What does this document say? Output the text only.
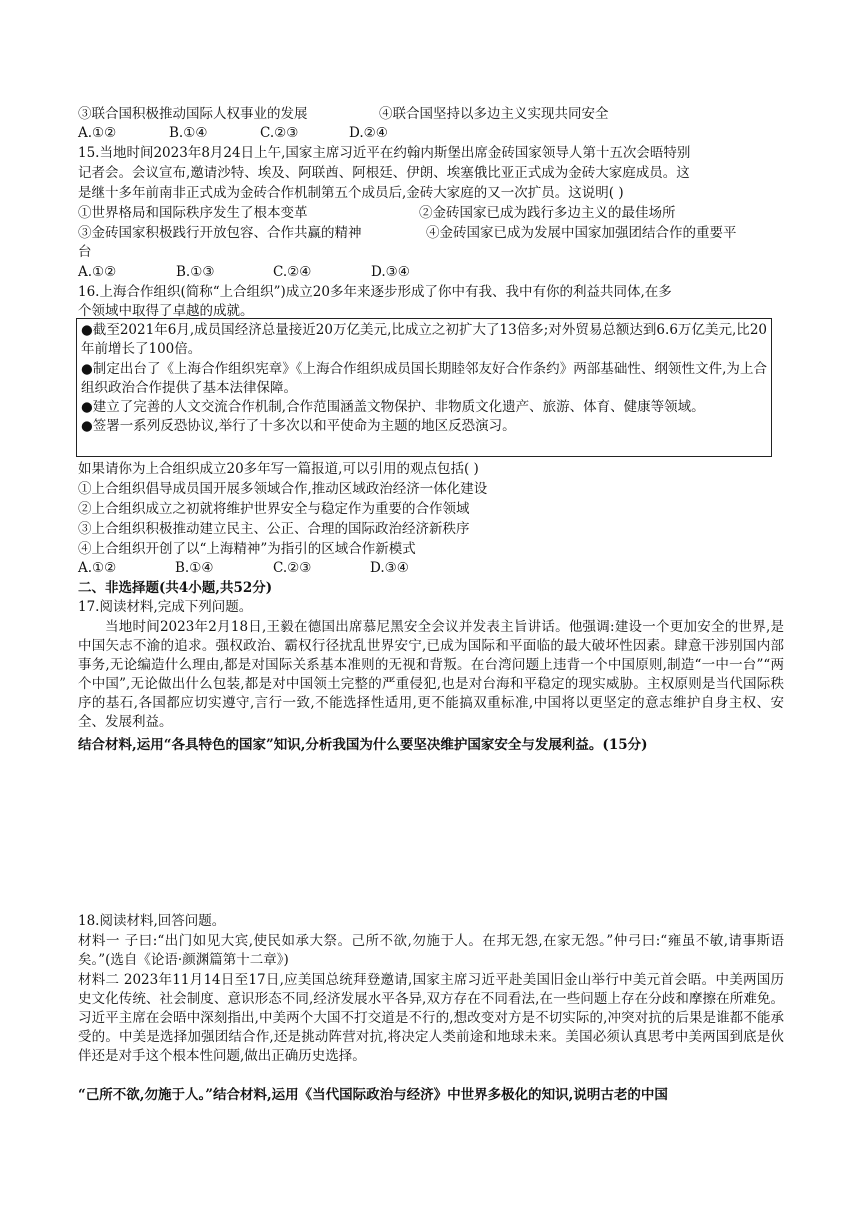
③联合国积极推动国际人权事业的发展	④联合国坚持以多边主义实现共同安全
A.①②	B.①④	C.②③	D.②④
15.当地时间2023年8月24日上午,国家主席习近平在约翰内斯堡出席金砖国家领导人第十五次会晤特别
记者会。会议宣布,邀请沙特、埃及、阿联酋、阿根廷、伊朗、埃塞俄比亚正式成为金砖大家庭成员。这
是继十多年前南非正式成为金砖合作机制第五个成员后,金砖大家庭的又一次扩员。这说明( )
①世界格局和国际秩序发生了根本变革	②金砖国家已成为践行多边主义的最佳场所
③金砖国家积极践行开放包容、合作共赢的精神	④金砖国家已成为发展中国家加强团结合作的重要平
台
A.①②	B.①③	C.②④	D.③④
16.上海合作组织(简称“上合组织”)成立20多年来逐步形成了你中有我、我中有你的利益共同体,在多
个领域中取得了卓越的成就。

●截至2021年6月,成员国经济总量接近20万亿美元,比成立之初扩大了13倍多;对外贸易总额达到6.6万亿美元,比20年前增长了100倍。

●制定出台了《上海合作组织宪章》《上海合作组织成员国长期睦邻友好合作条约》两部基础性、纲领性文件,为上合组织政治合作提供了基本法律保障。

●建立了完善的人文交流合作机制,合作范围涵盖文物保护、非物质文化遗产、旅游、体育、健康等领域。

●签署一系列反恐协议,举行了十多次以和平使命为主题的地区反恐演习。

如果请你为上合组织成立20多年写一篇报道,可以引用的观点包括( )
①上合组织倡导成员国开展多领域合作,推动区域政治经济一体化建设
②上合组织成立之初就将维护世界安全与稳定作为重要的合作领域
③上合组织积极推动建立民主、公正、合理的国际政治经济新秩序
④上合组织开创了以“上海精神”为指引的区域合作新模式
A.①②	B.①④	C.②③	D.③④
二、非选择题(共4小题,共52分)
17.阅读材料,完成下列问题。
当地时间2023年2月18日,王毅在德国出席慕尼黑安全会议并发表主旨讲话。他强调:建设一个更加安全的世界,是中国矢志不渝的追求。强权政治、霸权行径扰乱世界安宁,已成为国际和平面临的最大破坏性因素。肆意干涉别国内部事务,无论编造什么理由,都是对国际关系基本准则的无视和背叛。在台湾问题上违背一个中国原则,制造“一中一台”“两个中国”,无论做出什么包装,都是对中国领土完整的严重侵犯,也是对台海和平稳定的现实威胁。主权原则是当代国际秩序的基石,各国都应切实遵守,言行一致,不能选择性适用,更不能搞双重标准,中国将以更坚定的意志维护自身主权、安全、发展利益。
结合材料,运用“各具特色的国家”知识,分析我国为什么要坚决维护国家安全与发展利益。(15分)
18.阅读材料,回答问题。
材料一 子曰:“出门如见大宾,使民如承大祭。己所不欲,勿施于人。在邦无怨,在家无怨。”仲弓曰:“雍虽不敏,请事斯语矣。”(选自《论语·颜渊篇第十二章》)
材料二 2023年11月14日至17日,应美国总统拜登邀请,国家主席习近平赴美国旧金山举行中美元首会晤。中美两国历史文化传统、社会制度、意识形态不同,经济发展水平各异,双方存在不同看法,在一些问题上存在分歧和摩擦在所难免。习近平主席在会晤中深刻指出,中美两个大国不打交道是不行的,想改变对方是不切实际的,冲突对抗的后果是谁都不能承受的。中美是选择加强团结合作,还是挑动阵营对抗,将决定人类前途和地球未来。美国必须认真思考中美两国到底是伙伴还是对手这个根本性问题,做出正确历史选择。
“己所不欲,勿施于人。”结合材料,运用《当代国际政治与经济》中世界多极化的知识,说明古老的中国
